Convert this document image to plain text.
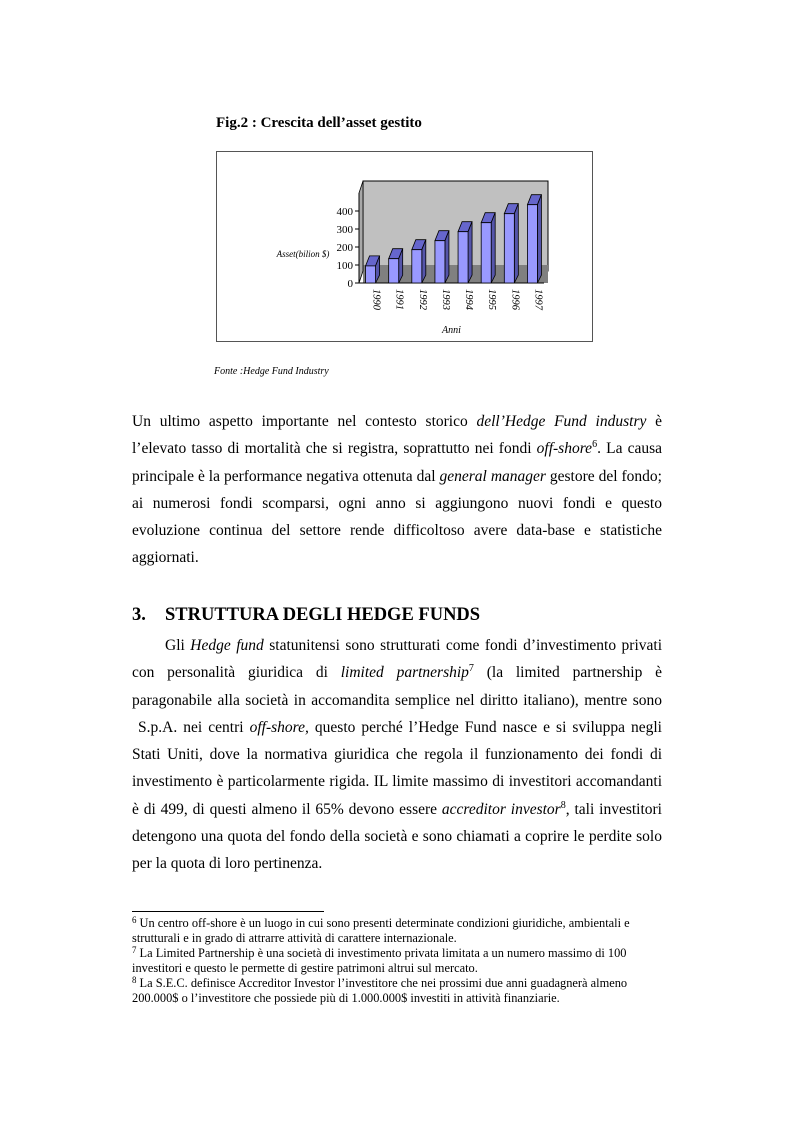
Fig.2 : Crescita dell’asset gestito
0
100
200
300
400
Asset(bilion $)
1990 1991 1992 1993 1994 1995 1996 1997
Anni
Fonte :Hedge Fund Industry

Un ultimo aspetto importante nel contesto storico dell’Hedge Fund industry è l’elevato tasso di mortalità che si registra, soprattutto nei fondi off-shore$^6$. La causa principale è la performance negativa ottenuta dal general manager gestore del fondo; ai numerosi fondi scomparsi, ogni anno si aggiungono nuovi fondi e questo evoluzione continua del settore rende difficoltoso avere data-base e statistiche aggiornati.

3. STRUTTURA DEGLI HEDGE FUNDS

Gli Hedge fund statunitensi sono strutturati come fondi d’investimento privati con personalità giuridica di limited partnership$^7$ (la limited partnership è paragonabile alla società in accomandita semplice nel diritto italiano), mentre sono  S.p.A. nei centri off-shore, questo perché l’Hedge Fund nasce e si sviluppa negli Stati Uniti, dove la normativa giuridica che regola il funzionamento dei fondi di investimento è particolarmente rigida. IL limite massimo di investitori accomandanti è di 499, di questi almeno il 65% devono essere accreditor investor$^8$, tali investitori detengono una quota del fondo della società e sono chiamati a coprire le perdite solo per la quota di loro pertinenza.

$^6$ Un centro off-shore è un luogo in cui sono presenti determinate condizioni giuridiche, ambientali e strutturali e in grado di attrarre attività di carattere internazionale.

$^7$ La Limited Partnership è una società di investimento privata limitata a un numero massimo di 100 investitori e questo le permette di gestire patrimoni altrui sul mercato.

$^8$ La S.E.C. definisce Accreditor Investor l’investitore che nei prossimi due anni guadagnerà almeno 200.000$ o l’investitore che possiede più di 1.000.000$ investiti in attività finanziarie.
